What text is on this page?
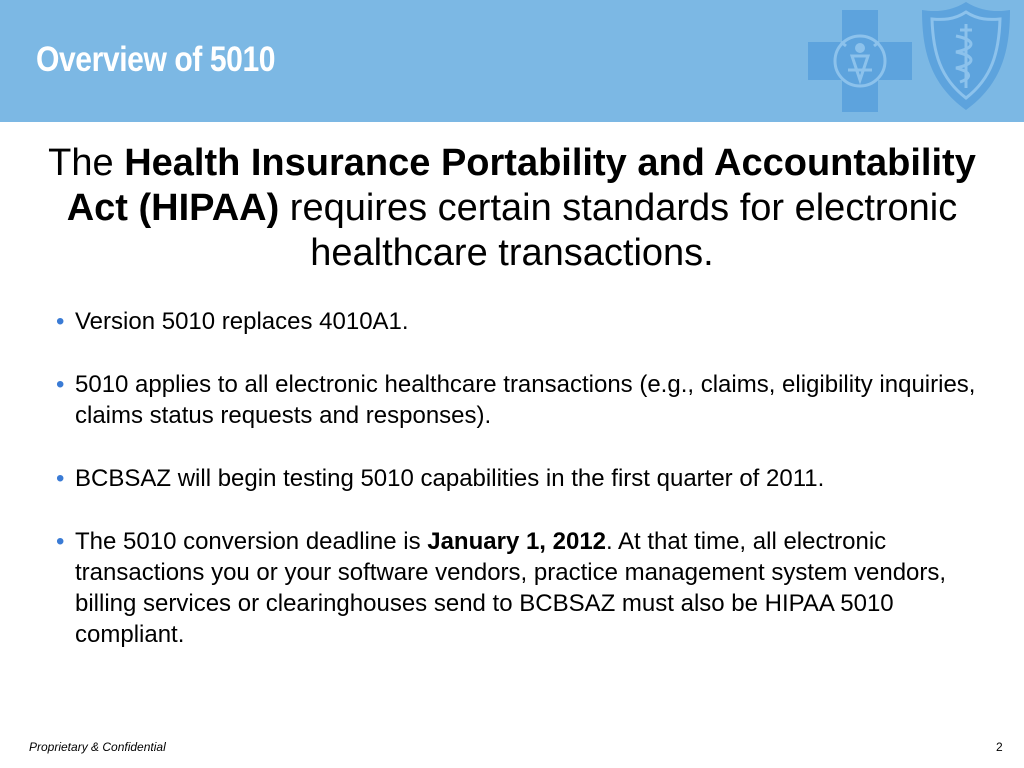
Overview of 5010

The Health Insurance Portability and Accountability Act (HIPAA) requires certain standards for electronic healthcare transactions.

• Version 5010 replaces 4010A1.
• 5010 applies to all electronic healthcare transactions (e.g., claims, eligibility inquiries, claims status requests and responses).
• BCBSAZ will begin testing 5010 capabilities in the first quarter of 2011.
• The 5010 conversion deadline is January 1, 2012. At that time, all electronic transactions you or your software vendors, practice management system vendors, billing services or clearinghouses send to BCBSAZ must also be HIPAA 5010 compliant.
Proprietary & Confidential	2
